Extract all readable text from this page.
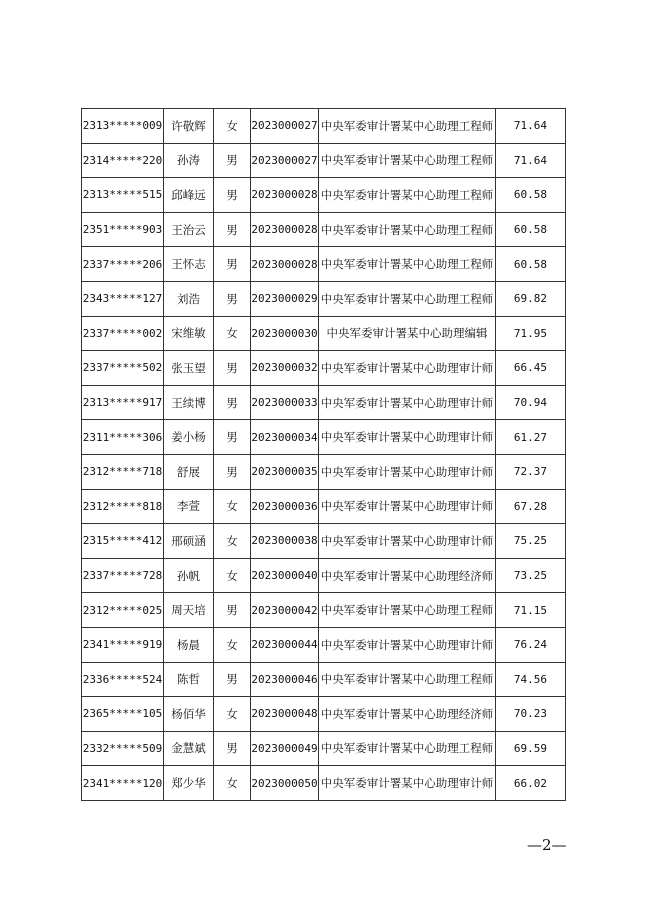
2313*****009	许敬辉	女	2023000027	中央军委审计署某中心助理工程师	71.64
2314*****220	孙涛	男	2023000027	中央军委审计署某中心助理工程师	71.64
2313*****515	邱峰远	男	2023000028	中央军委审计署某中心助理工程师	60.58
2351*****903	王治云	男	2023000028	中央军委审计署某中心助理工程师	60.58
2337*****206	王怀志	男	2023000028	中央军委审计署某中心助理工程师	60.58
2343*****127	刘浩	男	2023000029	中央军委审计署某中心助理工程师	69.82
2337*****002	宋维敏	女	2023000030	中央军委审计署某中心助理编辑	71.95
2337*****502	张玉望	男	2023000032	中央军委审计署某中心助理审计师	66.45
2313*****917	王续博	男	2023000033	中央军委审计署某中心助理审计师	70.94
2311*****306	姜小杨	男	2023000034	中央军委审计署某中心助理审计师	61.27
2312*****718	舒展	男	2023000035	中央军委审计署某中心助理审计师	72.37
2312*****818	李萱	女	2023000036	中央军委审计署某中心助理审计师	67.28
2315*****412	邢硕涵	女	2023000038	中央军委审计署某中心助理审计师	75.25
2337*****728	孙帆	女	2023000040	中央军委审计署某中心助理经济师	73.25
2312*****025	周天培	男	2023000042	中央军委审计署某中心助理工程师	71.15
2341*****919	杨晨	女	2023000044	中央军委审计署某中心助理审计师	76.24
2336*****524	陈哲	男	2023000046	中央军委审计署某中心助理工程师	74.56
2365*****105	杨佰华	女	2023000048	中央军委审计署某中心助理经济师	70.23
2332*****509	金慧斌	男	2023000049	中央军委审计署某中心助理工程师	69.59
2341*****120	郑少华	女	2023000050	中央军委审计署某中心助理审计师	66.02
—2—
